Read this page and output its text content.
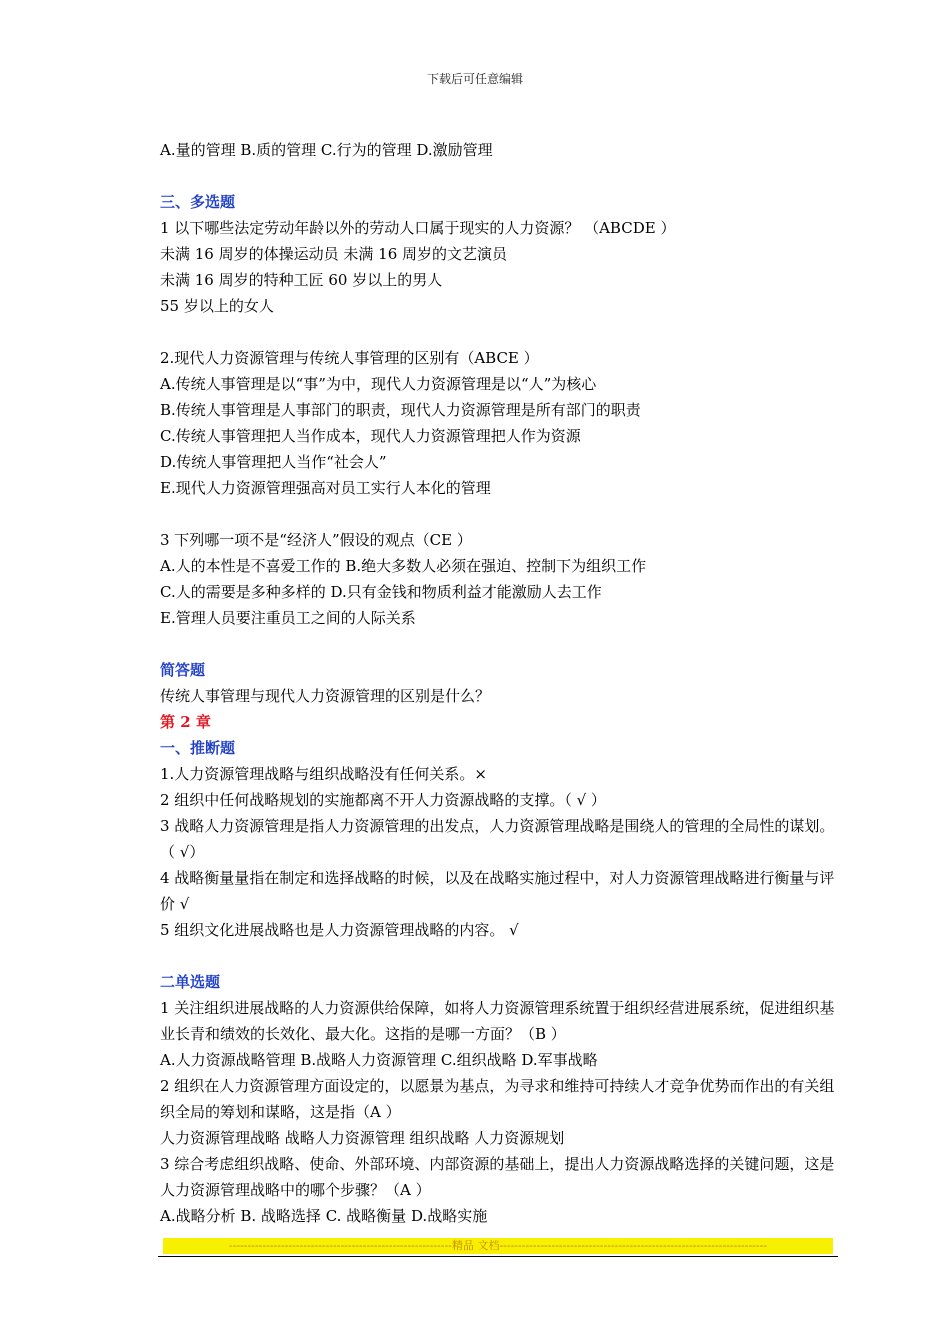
下载后可任意编辑
A.量的管理 B.质的管理 C.行为的管理 D.激励管理
三、多选题
1 以下哪些法定劳动年龄以外的劳动人口属于现实的人力资源？ （ABCDE ）
未满 16 周岁的体操运动员 未满 16 周岁的文艺演员
未满 16 周岁的特种工匠 60 岁以上的男人
55 岁以上的女人
2.现代人力资源管理与传统人事管理的区别有（ABCE ）
A.传统人事管理是以“事”为中，现代人力资源管理是以“人”为核心
B.传统人事管理是人事部门的职责，现代人力资源管理是所有部门的职责
C.传统人事管理把人当作成本，现代人力资源管理把人作为资源
D.传统人事管理把人当作“社会人”
E.现代人力资源管理强高对员工实行人本化的管理
3 下列哪一项不是“经济人”假设的观点（CE ）
A.人的本性是不喜爱工作的 B.绝大多数人必须在强迫、控制下为组织工作
C.人的需要是多种多样的 D.只有金钱和物质利益才能激励人去工作
E.管理人员要注重员工之间的人际关系
简答题
传统人事管理与现代人力资源管理的区别是什么？
第 2 章
一、推断题
1.人力资源管理战略与组织战略没有任何关系。×
2 组织中任何战略规划的实施都离不开人力资源战略的支撑。（ √ ）
3 战略人力资源管理是指人力资源管理的出发点，人力资源管理战略是围绕人的管理的全局性的谋划。（ √）
4 战略衡量量指在制定和选择战略的时候，以及在战略实施过程中，对人力资源管理战略进行衡量与评价 √
5 组织文化进展战略也是人力资源管理战略的内容。 √
二单选题
1 关注组织进展战略的人力资源供给保障，如将人力资源管理系统置于组织经营进展系统，促进组织基业长青和绩效的长效化、最大化。这指的是哪一方面？（B ）
A.人力资源战略管理 B.战略人力资源管理 C.组织战略 D.军事战略
2 组织在人力资源管理方面设定的，以愿景为基点，为寻求和维持可持续人才竞争优势而作出的有关组织全局的筹划和谋略，这是指（A ）
人力资源管理战略 战略人力资源管理 组织战略 人力资源规划
3 综合考虑组织战略、使命、外部环境、内部资源的基础上，提出人力资源战略选择的关键问题，这是人力资源管理战略中的哪个步骤？（A ）
A.战略分析 B. 战略选择 C. 战略衡量 D.战略实施
------------------------------------------------------------精品 文档------------------------------------------------------------------------
